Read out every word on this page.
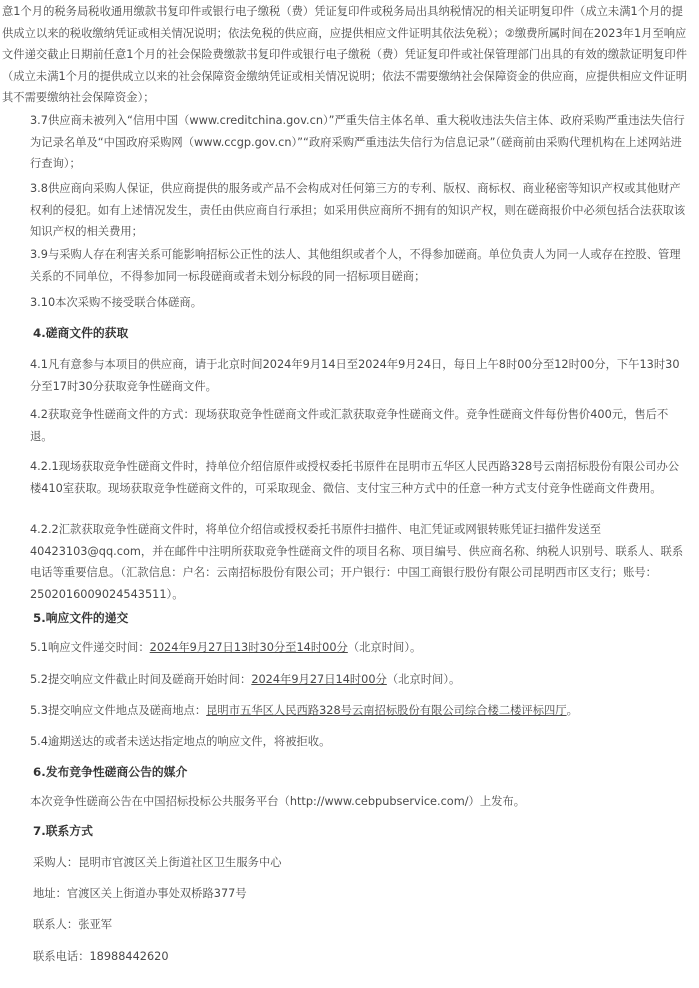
意1个月的税务局税收通用缴款书复印件或银行电子缴税（费）凭证复印件或税务局出具纳税情况的相关证明复印件（成立未满1个月的提供成立以来的税收缴纳凭证或相关情况说明；依法免税的供应商，应提供相应文件证明其依法免税）；②缴费所属时间在2023年1月至响应文件递交截止日期前任意1个月的社会保险费缴款书复印件或银行电子缴税（费）凭证复印件或社保管理部门出具的有效的缴款证明复印件（成立未满1个月的提供成立以来的社会保障资金缴纳凭证或相关情况说明；依法不需要缴纳社会保障资金的供应商，应提供相应文件证明其不需要缴纳社会保障资金）；

3.7供应商未被列入“信用中国（www.creditchina.gov.cn）”严重失信主体名单、重大税收违法失信主体、政府采购严重违法失信行为记录名单及“中国政府采购网（www.ccgp.gov.cn）”“政府采购严重违法失信行为信息记录”（磋商前由采购代理机构在上述网站进行查询）；

3.8供应商向采购人保证，供应商提供的服务或产品不会构成对任何第三方的专利、版权、商标权、商业秘密等知识产权或其他财产权利的侵犯。如有上述情况发生，责任由供应商自行承担；如采用供应商所不拥有的知识产权，则在磋商报价中必须包括合法获取该知识产权的相关费用；

3.9与采购人存在利害关系可能影响招标公正性的法人、其他组织或者个人，不得参加磋商。单位负责人为同一人或存在控股、管理关系的不同单位，不得参加同一标段磋商或者未划分标段的同一招标项目磋商；

3.10本次采购不接受联合体磋商。

4.磋商文件的获取

4.1凡有意参与本项目的供应商，请于北京时间2024年9月14日至2024年9月24日，每日上午8时00分至12时00分，下午13时30分至17时30分获取竞争性磋商文件。

4.2获取竞争性磋商文件的方式：现场获取竞争性磋商文件或汇款获取竞争性磋商文件。竞争性磋商文件每份售价400元，售后不退。

4.2.1现场获取竞争性磋商文件时，持单位介绍信原件或授权委托书原件在昆明市五华区人民西路328号云南招标股份有限公司办公楼410室获取。现场获取竞争性磋商文件的，可采取现金、微信、支付宝三种方式中的任意一种方式支付竞争性磋商文件费用。

4.2.2汇款获取竞争性磋商文件时，将单位介绍信或授权委托书原件扫描件、电汇凭证或网银转账凭证扫描件发送至40423103@qq.com，并在邮件中注明所获取竞争性磋商文件的项目名称、项目编号、供应商名称、纳税人识别号、联系人、联系电话等重要信息。（汇款信息：户名：云南招标股份有限公司；开户银行：中国工商银行股份有限公司昆明西市区支行；账号：2502016009024543511）。

5.响应文件的递交

5.1响应文件递交时间：2024年9月27日13时30分至14时00分（北京时间）。

5.2提交响应文件截止时间及磋商开始时间：2024年9月27日14时00分（北京时间）。

5.3提交响应文件地点及磋商地点：昆明市五华区人民西路328号云南招标股份有限公司综合楼二楼评标四厅。

5.4逾期送达的或者未送达指定地点的响应文件，将被拒收。

6.发布竞争性磋商公告的媒介

本次竞争性磋商公告在中国招标投标公共服务平台（http://www.cebpubservice.com/）上发布。

7.联系方式

采购人：昆明市官渡区关上街道社区卫生服务中心

地址：官渡区关上街道办事处双桥路377号

联系人：张亚军

联系电话：18988442620
